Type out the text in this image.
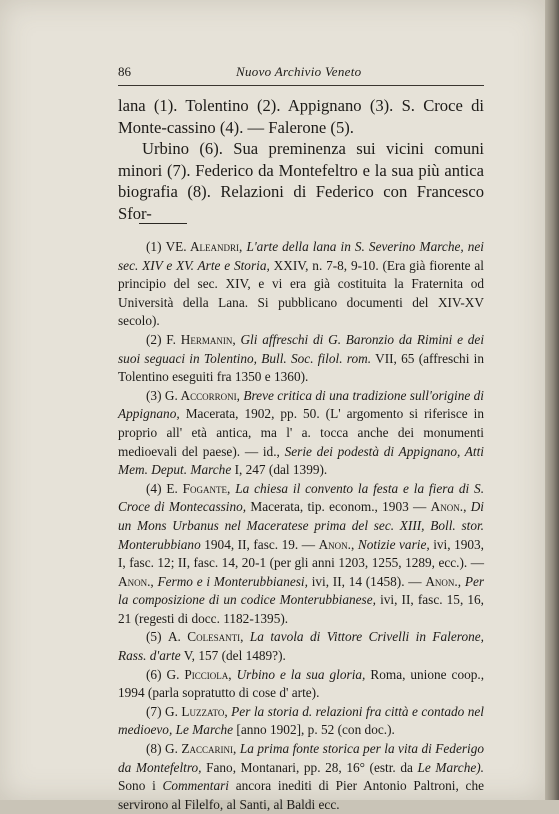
86	Nuovo Archivio Veneto

lana (1). Tolentino (2). Appignano (3). S. Croce di Monte-cassino (4). — Falerone (5).

Urbino (6). Sua preminenza sui vicini comuni minori (7). Federico da Montefeltro e la sua più antica biografia (8). Relazioni di Federico con Francesco Sfor-

(1) VE. Aleandri, L'arte della lana in S. Severino Marche, nei sec. XIV e XV. Arte e Storia, XXIV, n. 7-8, 9-10. (Era già fiorente al principio del sec. XIV, e vi era già costituita la Fraternita od Università della Lana. Si pubblicano documenti del XIV-XV secolo).

(2) F. Hermanin, Gli affreschi di G. Baronzio da Rimini e dei suoi seguaci in Tolentino, Bull. Soc. filol. rom. VII, 65 (affreschi in Tolentino eseguiti fra 1350 e 1360).

(3) G. Accorroni, Breve critica di una tradizione sull'origine di Appignano, Macerata, 1902, pp. 50. (L' argomento si riferisce in proprio all' età antica, ma l' a. tocca anche dei monumenti medioevali del paese). — id., Serie dei podestà di Appignano, Atti Mem. Deput. Marche I, 247 (dal 1399).

(4) E. Fogante, La chiesa il convento la festa e la fiera di S. Croce di Montecassino, Macerata, tip. econom., 1903 — Anon., Di un Mons Urbanus nel Maceratese prima del sec. XIII, Boll. stor. Monterubbiano 1904, II, fasc. 19. — Anon., Notizie varie, ivi, 1903, I, fasc. 12; II, fasc. 14, 20-1 (per gli anni 1203, 1255, 1289, ecc.). — Anon., Fermo e i Monterubbianesi, ivi, II, 14 (1458). — Anon., Per la composizione di un codice Monterubbianese, ivi, II, fasc. 15, 16, 21 (regesti di docc. 1182-1395).

(5) A. Colesanti, La tavola di Vittore Crivelli in Falerone, Rass. d'arte V, 157 (del 1489?).

(6) G. Picciola, Urbino e la sua gloria, Roma, unione coop., 1994 (parla sopratutto di cose d' arte).

(7) G. Luzzato, Per la storia d. relazioni fra città e contado nel medioevo, Le Marche [anno 1902], p. 52 (con doc.).

(8) G. Zaccarini, La prima fonte storica per la vita di Federigo da Montefeltro, Fano, Montanari, pp. 28, 16° (estr. da Le Marche). Sono i Commentari ancora inediti di Pier Antonio Paltroni, che servirono al Filelfo, al Santi, al Baldi ecc.
